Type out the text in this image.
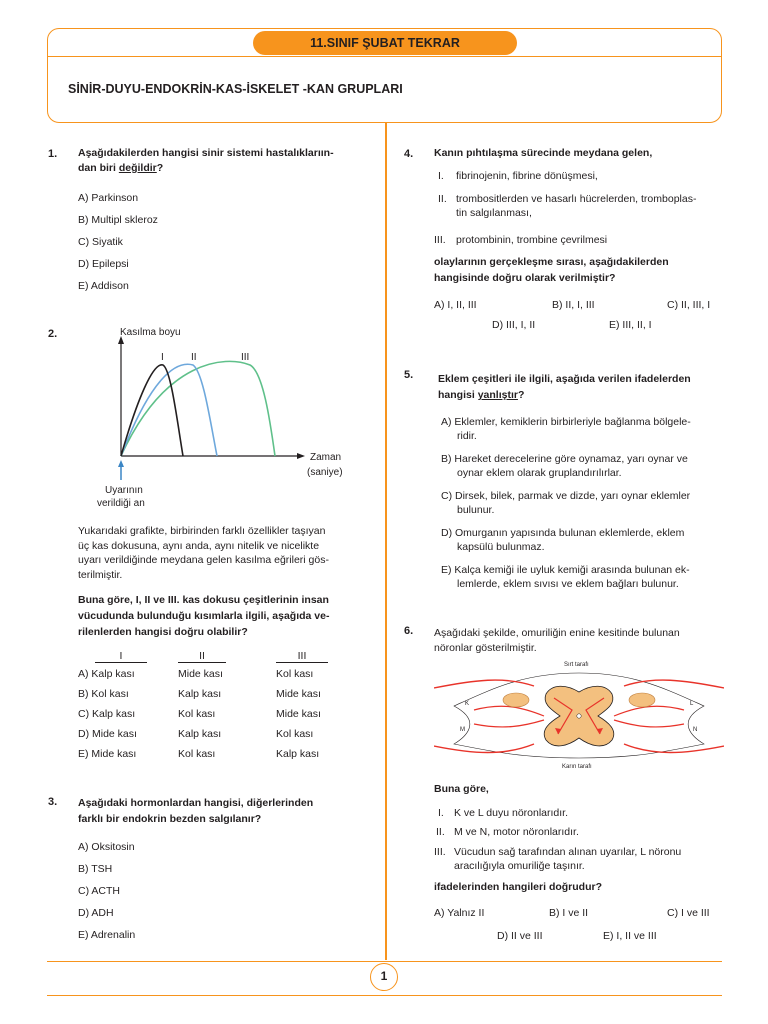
11.SINIF ŞUBAT TEKRAR
SİNİR-DUYU-ENDOKRİN-KAS-İSKELET -KAN GRUPLARI
1. Aşağıdakilerden hangisi sinir sistemi hastalıklarıın-
dan biri değildir?
A) Parkinson
B) Multipl skleroz
C) Siyatik
D) Epilepsi
E) Addison
2.	Kasılma boyu
Zaman
(saniye)
I	II	III
Uyarının
verildiği an
Yukarıdaki grafikte, birbirinden farklı özellikler taşıyan
üç kas dokusuna, aynı anda, aynı nitelik ve nicelikte
uyarı verildiğinde meydana gelen kasılma eğrileri gös-
terilmiştir.
Buna göre, I, II ve III. kas dokusu çeşitlerinin insan
vücudunda bulunduğu kısımlarla ilgili, aşağıda ve-
rilenlerden hangisi doğru olabilir?
I	II	III
A) Kalp kası	Mide kası	Kol kası
B) Kol kası	Kalp kası	Mide kası
C) Kalp kası	Kol kası	Mide kası
D) Mide kası	Kalp kası	Kol kası
E) Mide kası	Kol kası	Kalp kası
3. Aşağıdaki hormonlardan hangisi, diğerlerinden
farklı bir endokrin bezden salgılanır?
A) Oksitosin
B) TSH
C) ACTH
D) ADH
E) Adrenalin
4. Kanın pıhtılaşma sürecinde meydana gelen,
I. fibrinojenin, fibrine dönüşmesi,
II. trombositlerden ve hasarlı hücrelerden, tromboplas-
tin salgılanması,
III. protombinin, trombine çevrilmesi
olaylarının gerçekleşme sırası, aşağıdakilerden
hangisinde doğru olarak verilmiştir?
A) I, II, III	B) II, I, III	C) II, III, I
D) III, I, II	E) III, II, I
5. Eklem çeşitleri ile ilgili, aşağıda verilen ifadelerden
hangisi yanlıştır?
A) Eklemler, kemiklerin birbirleriyle bağlanma bölgele-
ridir.
B) Hareket derecelerine göre oynamaz, yarı oynar ve
oynar eklem olarak gruplandırılırlar.
C) Dirsek, bilek, parmak ve dizde, yarı oynar eklemler
bulunur.
D) Omurganın yapısında bulunan eklemlerde, eklem
kapsülü bulunmaz.
E) Kalça kemiği ile uyluk kemiği arasında bulunan ek-
lemlerde, eklem sıvısı ve eklem bağları bulunur.
6. Aşağıdaki şekilde, omuriliğin enine kesitinde bulunan
nöronlar gösterilmiştir.
Sırt tarafı
Karın tarafı
K	L
M	N
Buna göre,
I. K ve L duyu nöronlarıdır.
II. M ve N, motor nöronlarıdır.
III. Vücudun sağ tarafından alınan uyarılar, L nöronu
aracılığıyla omuriliğe taşınır.
ifadelerinden hangileri doğrudur?
A) Yalnız II	B) I ve II	C) I ve III
D) II ve III	E) I, II ve III
1
